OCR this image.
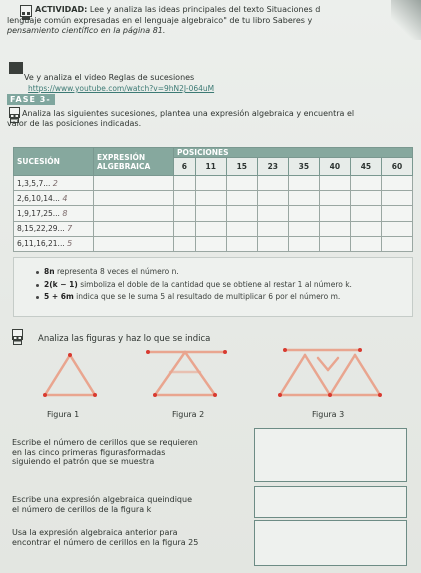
ACTIVIDAD: Lee y analiza las ideas principales del texto Situaciones d
lenguaje común expresadas en el lenguaje algebraico" de tu libro Saberes y
pensamiento científico en la página 81.
Ve y analiza el video Reglas de sucesiones
https://www.youtube.com/watch?v=9hN2J-064uM
FASE 3-
Analiza las siguientes sucesiones, plantea una expresión algebraica y encuentra el
valor de las posiciones indicadas.
SUCESIÓN	EXPRESIÓN ALGEBRAICA	POSICIONES							
		6	11	15	23	35	40	45	60
1,3,5,7... 2									
2,6,10,14... 4									
1,9,17,25... 8									
8,15,22,29... 7									
6,11,16,21... 5									
8n representa 8 veces el número n.
2(k − 1) simboliza el doble de la cantidad que se obtiene al restar 1 al número k.
5 + 6m indica que se le suma 5 al resultado de multiplicar 6 por el número m.
Analiza las figuras y haz lo que se indica
Figura 1	Figura 2	Figura 3
Escribe el número de cerillos que se requieren
en las cinco primeras figurasformadas
siguiendo el patrón que se muestra
Escribe una expresión algebraica queindique
el número de cerillos de la figura k
Usa la expresión algebraica anterior para
encontrar el número de cerillos en la figura 25
